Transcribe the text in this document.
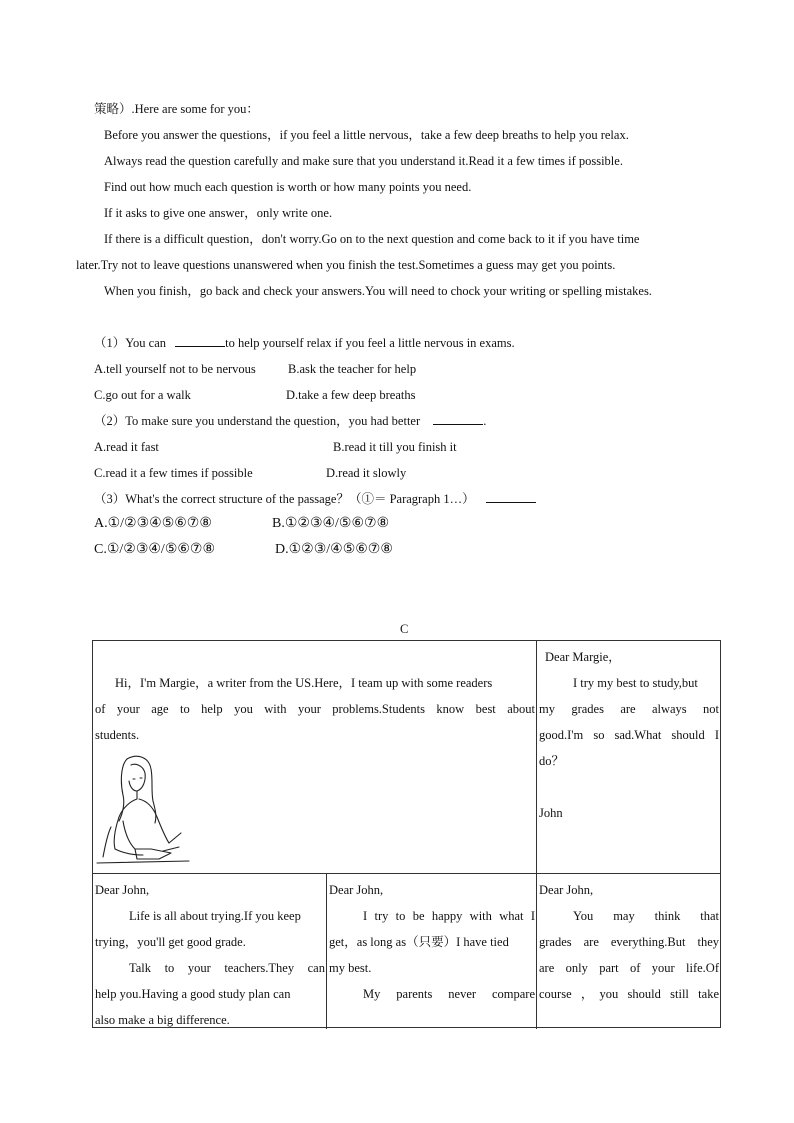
策略）.Here are some for you：
Before you answer the questions，if you feel a little nervous，take a few deep breaths to help you relax.
Always read the question carefully and make sure that you understand it.Read it a few times if possible.
Find out how much each question is worth or how many points you need.
If it asks to give one answer，only write one.
If there is a difficult question，don't worry.Go on to the next question and come back to it if you have time
later.Try not to leave questions unanswered when you finish the test.Sometimes a guess may get you points.
When you finish，go back and check your answers.You will need to chock your writing or spelling mistakes.
（1）You can	to help yourself relax if you feel a little nervous in exams.
A.tell yourself not to be nervous	B.ask the teacher for help
C.go out for a walk	D.take a few deep breaths
（2）To make sure you understand the question，you had better	.
A.read it fast	B.read it till you finish it
C.read it a few times if possible	D.read it slowly
（3）What's the correct structure of the passage？（①＝ Paragraph 1…）
A.①/②③④⑤⑥⑦⑧	B.①②③④/⑤⑥⑦⑧
C.①/②③④/⑤⑥⑦⑧	D.①②③/④⑤⑥⑦⑧
C
Hi，I'm Margie，a writer from the US.Here，I team up with some readers
of your age to help you with your problems.Students know best about
students.
Dear Margie，
I try my best to study,but
my grades are always not
good.I'm so sad.What should I
do？
John
Dear John,
Life is all about trying.If you keep
trying，you'll get good grade.
Talk to your teachers.They can
help you.Having a good study plan can
also make a big difference.
Dear John,
I try to be happy with what I
get，as long as（只要）I have tied
my best.
My parents never compare
Dear John,
You may think that
grades are everything.But they
are only part of your life.Of
course ，you should still take
